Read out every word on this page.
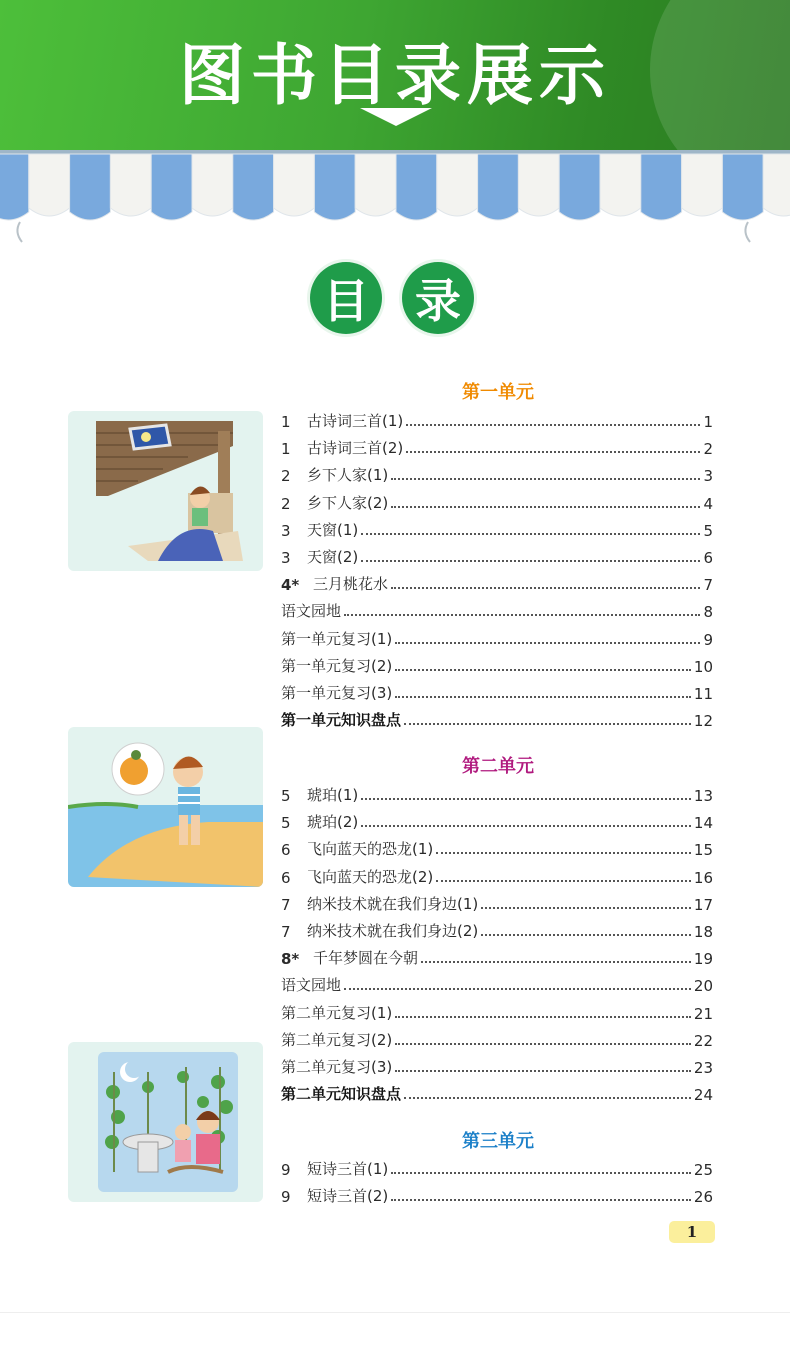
图书目录展示
目 录
第一单元
1	古诗词三首(1)	1
1	古诗词三首(2)	2
2	乡下人家(1)	3
2	乡下人家(2)	4
3	天窗(1)	5
3	天窗(2)	6
4* 三月桃花水	7
语文园地	8
第一单元复习(1)	9
第一单元复习(2)	10
第一单元复习(3)	11
第一单元知识盘点	12
第二单元
5	琥珀(1)	13
5	琥珀(2)	14
6	飞向蓝天的恐龙(1)	15
6	飞向蓝天的恐龙(2)	16
7	纳米技术就在我们身边(1)	17
7	纳米技术就在我们身边(2)	18
8* 千年梦圆在今朝	19
语文园地	20
第二单元复习(1)	21
第二单元复习(2)	22
第二单元复习(3)	23
第二单元知识盘点	24
第三单元
9	短诗三首(1)	25
9	短诗三首(2)	26
1
